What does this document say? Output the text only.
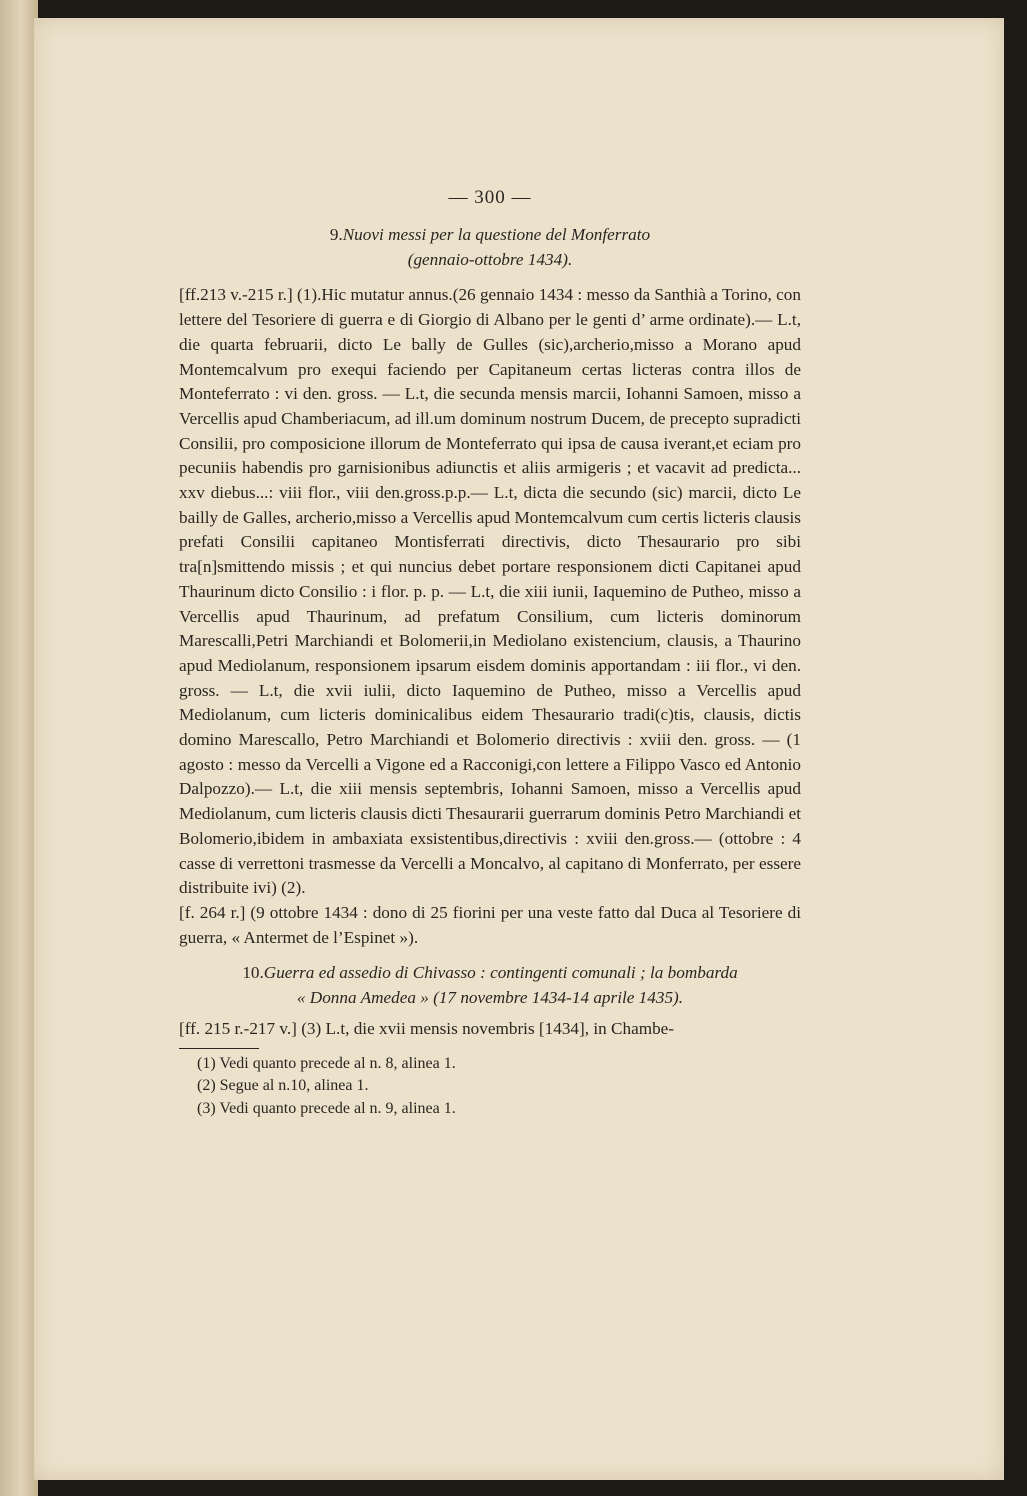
— 300 —
9.Nuovi messi per la questione del Monferrato
(gennaio-ottobre 1434).

[ff.213 v.-215 r.] (1).Hic mutatur annus.(26 gennaio 1434 : messo da Santhià a Torino, con lettere del Tesoriere di guerra e di Giorgio di Albano per le genti d’ arme ordinate).— L.t, die quarta februarii, dicto Le bally de Gulles (sic),archerio,misso a Morano apud Montemcalvum pro exequi faciendo per Capitaneum certas licteras contra illos de Monteferrato : vi den. gross. — L.t, die secunda mensis marcii, Iohanni Samoen, misso a Vercellis apud Chamberiacum, ad ill.um dominum nostrum Ducem, de precepto supradicti Consilii, pro composicione illorum de Monteferrato qui ipsa de causa iverant,et eciam pro pecuniis habendis pro garnisionibus adiunctis et aliis armigeris ; et vacavit ad predicta... xxv diebus...: viii flor., viii den.gross.p.p.— L.t, dicta die secundo (sic) marcii, dicto Le bailly de Galles, archerio,misso a Vercellis apud Montemcalvum cum certis licteris clausis prefati Consilii capitaneo Montisferrati directivis, dicto Thesaurario pro sibi tra[n]smittendo missis ; et qui nuncius debet portare responsionem dicti Capitanei apud Thaurinum dicto Consilio : i flor. p. p. — L.t, die xiii iunii, Iaquemino de Putheo, misso a Vercellis apud Thaurinum, ad prefatum Consilium, cum licteris dominorum Marescalli,Petri Marchiandi et Bolomerii,in Mediolano existencium, clausis, a Thaurino apud Mediolanum, responsionem ipsarum eisdem dominis apportandam : iii flor., vi den. gross. — L.t, die xvii iulii, dicto Iaquemino de Putheo, misso a Vercellis apud Mediolanum, cum licteris dominicalibus eidem Thesaurario tradi(c)tis, clausis, dictis domino Marescallo, Petro Marchiandi et Bolomerio directivis : xviii den. gross. — (1 agosto : messo da Vercelli a Vigone ed a Racconigi,con lettere a Filippo Vasco ed Antonio Dalpozzo).— L.t, die xiii mensis septembris, Iohanni Samoen, misso a Vercellis apud Mediolanum, cum licteris clausis dicti Thesaurarii guerrarum dominis Petro Marchiandi et Bolomerio,ibidem in ambaxiata exsistentibus,directivis : xviii den.gross.— (ottobre : 4 casse di verrettoni trasmesse da Vercelli a Moncalvo, al capitano di Monferrato, per essere distribuite ivi) (2).

[f. 264 r.] (9 ottobre 1434 : dono di 25 fiorini per una veste fatto dal Duca al Tesoriere di guerra, « Antermet de l’Espinet »).

10.Guerra ed assedio di Chivasso : contingenti comunali ; la bombarda
« Donna Amedea » (17 novembre 1434-14 aprile 1435).

[ff. 215 r.-217 v.] (3) L.t, die xvii mensis novembris [1434], in Chambe-

(1) Vedi quanto precede al n. 8, alinea 1.

(2) Segue al n.10, alinea 1.

(3) Vedi quanto precede al n. 9, alinea 1.
